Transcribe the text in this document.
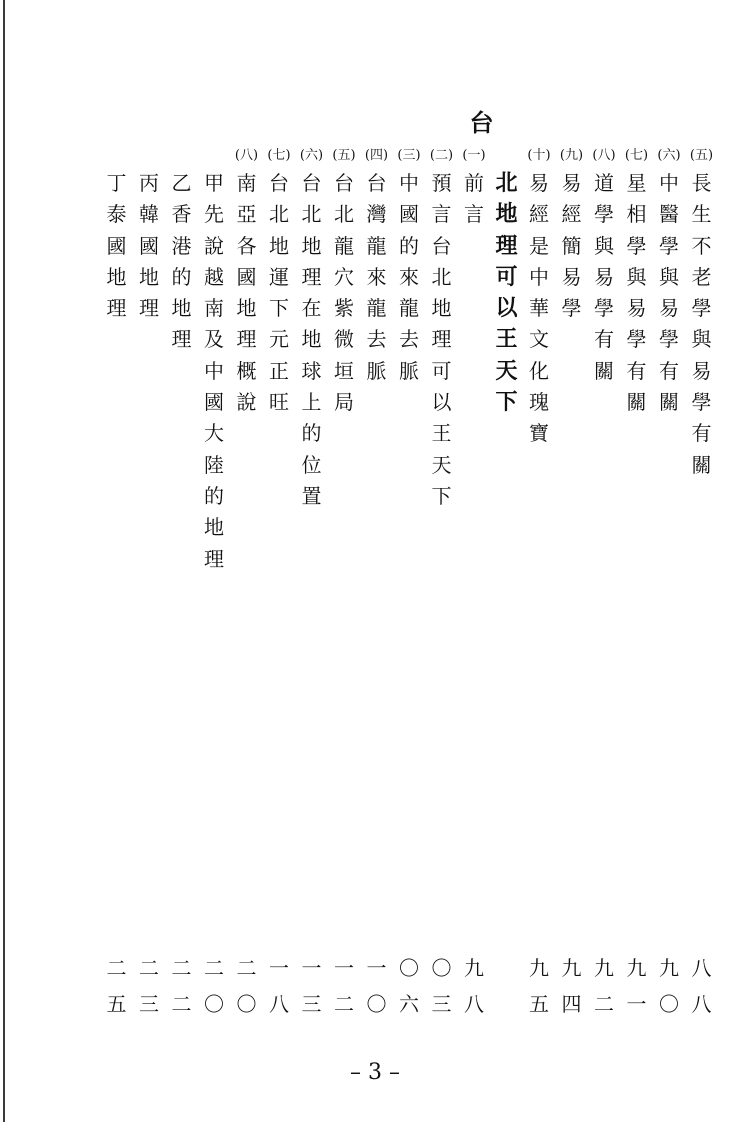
台
丁
泰
國
地
理
二
五
丙
韓
國
地
理
二
三
乙
香
港
的
地
理
二
二
甲
先
說
越
南
及
中
國
大
陸
的
地
理
二
〇
(八)
南
亞
各
國
地
理
概
說
二
〇
(七)
台
北
地
運
下
元
正
旺
一
八
(六)
台
北
地
理
在
地
球
上
的
位
置
一
三
(五)
台
北
龍
穴
紫
微
垣
局
一
二
(四)
台
灣
龍
來
龍
去
脈
一
〇
(三)
中
國
的
來
龍
去
脈
〇
六
(二)
預
言
台
北
地
理
可
以
王
天
下
〇
三
(一)
前
言
九
八
北
地
理
可
以
王
天
下
(十)
易
經
是
中
華
文
化
瑰
寶
九
五
(九)
易
經
簡
易
學
九
四
(八)
道
學
與
易
學
有
關
九
二
(七)
星
相
學
與
易
學
有
關
九
一
(六)
中
醫
學
與
易
學
有
關
九
〇
(五)
長
生
不
老
學
與
易
學
有
關
八
八
– 3 –
